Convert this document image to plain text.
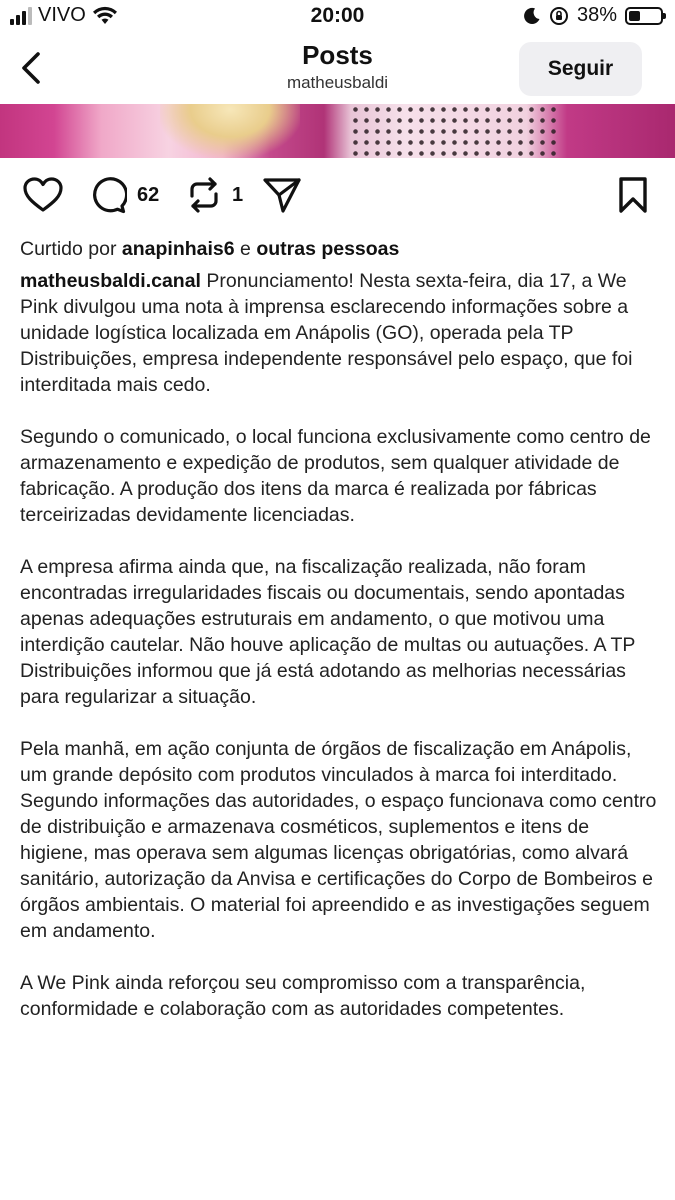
VIVO	20:00	38%
Posts
matheusbaldi
Seguir
62	1
Curtido por anapinhais6 e outras pessoas

matheusbaldi.canal Pronunciamento! Nesta sexta-feira, dia 17, a We Pink divulgou uma nota à imprensa esclarecendo informações sobre a unidade logística localizada em Anápolis (GO), operada pela TP Distribuições, empresa independente responsável pelo espaço, que foi interditada mais cedo.

Segundo o comunicado, o local funciona exclusivamente como centro de armazenamento e expedição de produtos, sem qualquer atividade de fabricação. A produção dos itens da marca é realizada por fábricas terceirizadas devidamente licenciadas.

A empresa afirma ainda que, na fiscalização realizada, não foram encontradas irregularidades fiscais ou documentais, sendo apontadas apenas adequações estruturais em andamento, o que motivou uma interdição cautelar. Não houve aplicação de multas ou autuações. A TP Distribuições informou que já está adotando as melhorias necessárias para regularizar a situação.

Pela manhã, em ação conjunta de órgãos de fiscalização em Anápolis, um grande depósito com produtos vinculados à marca foi interditado. Segundo informações das autoridades, o espaço funcionava como centro de distribuição e armazenava cosméticos, suplementos e itens de higiene, mas operava sem algumas licenças obrigatórias, como alvará sanitário, autorização da Anvisa e certificações do Corpo de Bombeiros e órgãos ambientais. O material foi apreendido e as investigações seguem em andamento.

A We Pink ainda reforçou seu compromisso com a transparência, conformidade e colaboração com as autoridades competentes.
